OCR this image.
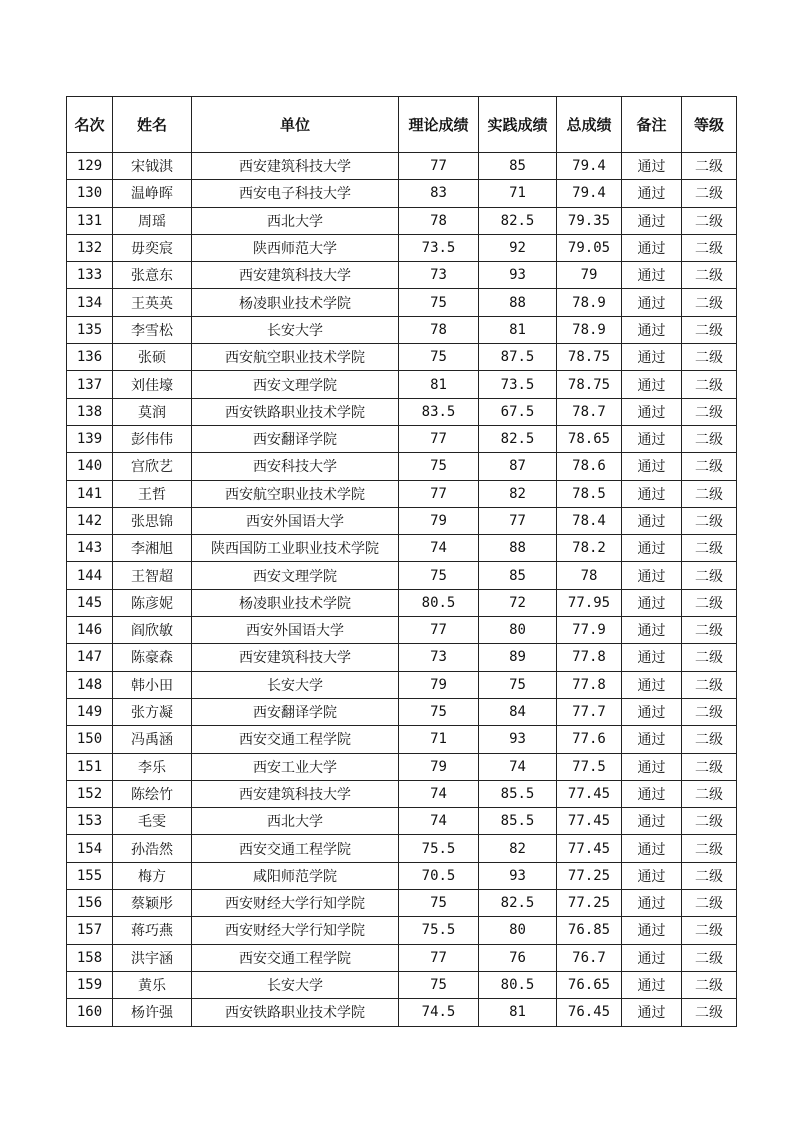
名次	姓名	单位	理论成绩	实践成绩	总成绩	备注	等级
129	宋钺淇	西安建筑科技大学	77	85	79.4	通过	二级
130	温峥晖	西安电子科技大学	83	71	79.4	通过	二级
131	周瑶	西北大学	78	82.5	79.35	通过	二级
132	毋奕宸	陕西师范大学	73.5	92	79.05	通过	二级
133	张意东	西安建筑科技大学	73	93	79	通过	二级
134	王英英	杨凌职业技术学院	75	88	78.9	通过	二级
135	李雪松	长安大学	78	81	78.9	通过	二级
136	张硕	西安航空职业技术学院	75	87.5	78.75	通过	二级
137	刘佳壕	西安文理学院	81	73.5	78.75	通过	二级
138	莫润	西安铁路职业技术学院	83.5	67.5	78.7	通过	二级
139	彭伟伟	西安翻译学院	77	82.5	78.65	通过	二级
140	宫欣艺	西安科技大学	75	87	78.6	通过	二级
141	王哲	西安航空职业技术学院	77	82	78.5	通过	二级
142	张思锦	西安外国语大学	79	77	78.4	通过	二级
143	李湘旭	陕西国防工业职业技术学院	74	88	78.2	通过	二级
144	王智超	西安文理学院	75	85	78	通过	二级
145	陈彦妮	杨凌职业技术学院	80.5	72	77.95	通过	二级
146	阎欣敏	西安外国语大学	77	80	77.9	通过	二级
147	陈豪森	西安建筑科技大学	73	89	77.8	通过	二级
148	韩小田	长安大学	79	75	77.8	通过	二级
149	张方凝	西安翻译学院	75	84	77.7	通过	二级
150	冯禹涵	西安交通工程学院	71	93	77.6	通过	二级
151	李乐	西安工业大学	79	74	77.5	通过	二级
152	陈绘竹	西安建筑科技大学	74	85.5	77.45	通过	二级
153	毛雯	西北大学	74	85.5	77.45	通过	二级
154	孙浩然	西安交通工程学院	75.5	82	77.45	通过	二级
155	梅方	咸阳师范学院	70.5	93	77.25	通过	二级
156	蔡颖彤	西安财经大学行知学院	75	82.5	77.25	通过	二级
157	蒋巧燕	西安财经大学行知学院	75.5	80	76.85	通过	二级
158	洪宇涵	西安交通工程学院	77	76	76.7	通过	二级
159	黄乐	长安大学	75	80.5	76.65	通过	二级
160	杨许强	西安铁路职业技术学院	74.5	81	76.45	通过	二级
